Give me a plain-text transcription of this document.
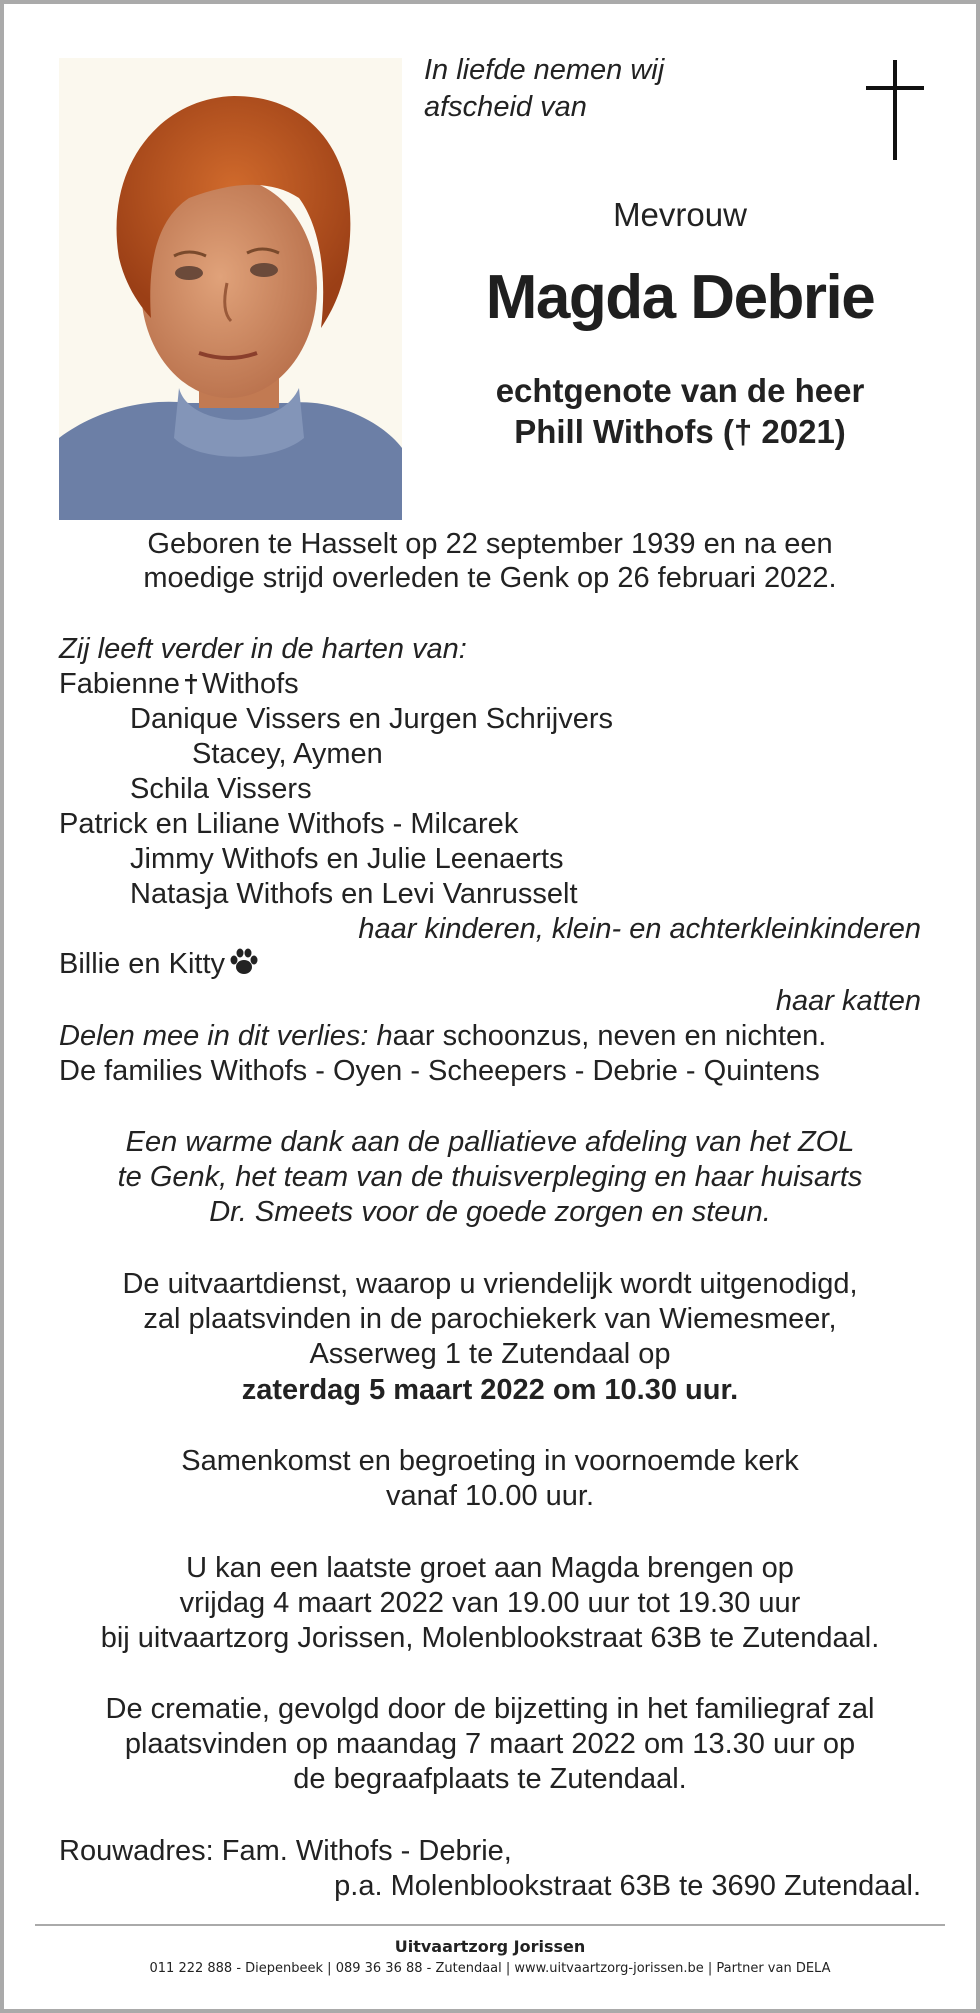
In liefde nemen wij
afscheid van
Mevrouw
Magda Debrie
echtgenote van de heer
Phill Withofs († 2021)
Geboren te Hasselt op 22 september 1939 en na een
moedige strijd overleden te Genk op 26 februari 2022.
Zij leeft verder in de harten van:
Fabienne Withofs
Danique Vissers en Jurgen Schrijvers
Stacey, Aymen
Schila Vissers
Patrick en Liliane Withofs - Milcarek
Jimmy Withofs en Julie Leenaerts
Natasja Withofs en Levi Vanrusselt
haar kinderen, klein- en achterkleinkinderen
Billie en Kitty
haar katten
Delen mee in dit verlies: haar schoonzus, neven en nichten.
De families Withofs - Oyen - Scheepers - Debrie - Quintens
Een warme dank aan de palliatieve afdeling van het ZOL
te Genk, het team van de thuisverpleging en haar huisarts
Dr. Smeets voor de goede zorgen en steun.
De uitvaartdienst, waarop u vriendelijk wordt uitgenodigd,
zal plaatsvinden in de parochiekerk van Wiemesmeer,
Asserweg 1 te Zutendaal op
zaterdag 5 maart 2022 om 10.30 uur.
Samenkomst en begroeting in voornoemde kerk
vanaf 10.00 uur.
U kan een laatste groet aan Magda brengen op
vrijdag 4 maart 2022 van 19.00 uur tot 19.30 uur
bij uitvaartzorg Jorissen, Molenblookstraat 63B te Zutendaal.
De crematie, gevolgd door de bijzetting in het familiegraf zal
plaatsvinden op maandag 7 maart 2022 om 13.30 uur op
de begraafplaats te Zutendaal.
Rouwadres: Fam. Withofs - Debrie,
p.a. Molenblookstraat 63B te 3690 Zutendaal.
Uitvaartzorg Jorissen
011 222 888 - Diepenbeek | 089 36 36 88 - Zutendaal | www.uitvaartzorg-jorissen.be | Partner van DELA
